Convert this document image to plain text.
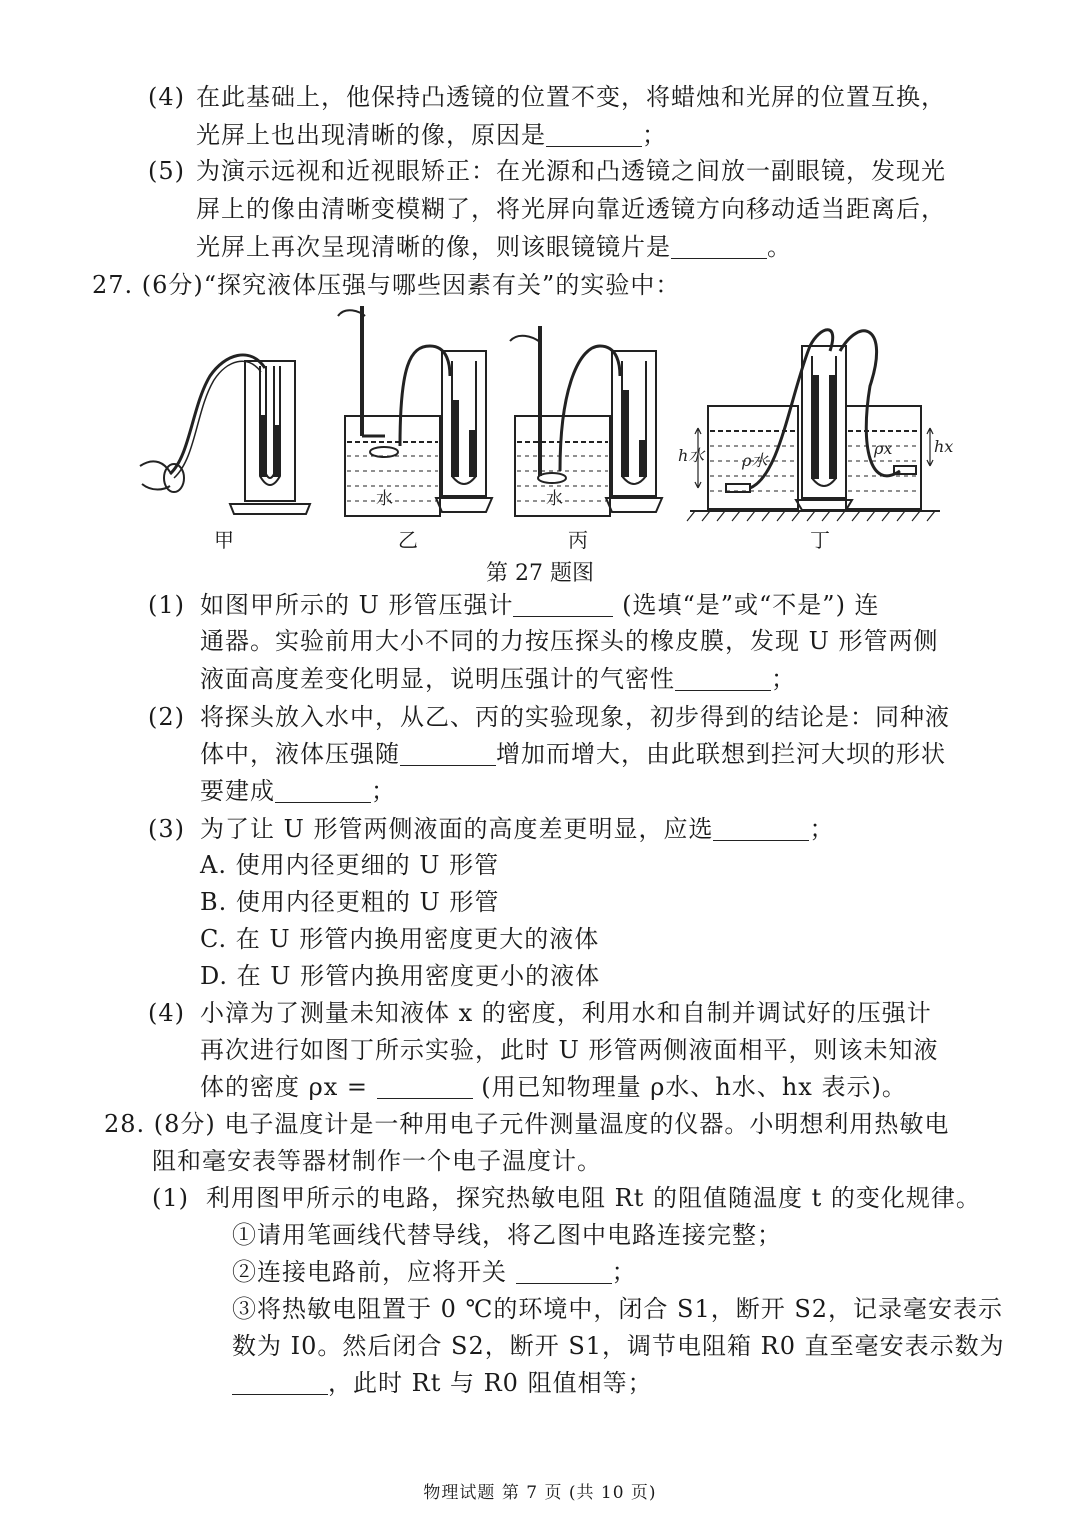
(4) 在此基础上，他保持凸透镜的位置不变，将蜡烛和光屏的位置互换，
光屏上也出现清晰的像，原因是	；
(5) 为演示远视和近视眼矫正：在光源和凸透镜之间放一副眼镜，发现光
屏上的像由清晰变模糊了，将光屏向靠近透镜方向移动适当距离后，
光屏上再次呈现清晰的像，则该眼镜镜片是	。
27. (6分)“探究液体压强与哪些因素有关”的实验中：
水	水
h水 ρ水
ρx	hx
甲	乙	丙	丁
第 27 题图
(1) 如图甲所示的 U 形管压强计	(选填“是”或“不是”) 连
通器。实验前用大小不同的力按压探头的橡皮膜，发现 U 形管两侧
液面高度差变化明显，说明压强计的气密性	；
(2) 将探头放入水中，从乙、丙的实验现象，初步得到的结论是：同种液
体中，液体压强随	增加而增大，由此联想到拦河大坝的形状
要建成	；
(3) 为了让 U 形管两侧液面的高度差更明显，应选	；
A. 使用内径更细的 U 形管
B. 使用内径更粗的 U 形管
C. 在 U 形管内换用密度更大的液体
D. 在 U 形管内换用密度更小的液体
(4) 小漳为了测量未知液体 x 的密度，利用水和自制并调试好的压强计
再次进行如图丁所示实验，此时 U 形管两侧液面相平，则该未知液
体的密度 ρx =	(用已知物理量 ρ水、h水、hx 表示)。
28. (8分) 电子温度计是一种用电子元件测量温度的仪器。小明想利用热敏电
阻和毫安表等器材制作一个电子温度计。
(1) 利用图甲所示的电路，探究热敏电阻 Rt 的阻值随温度 t 的变化规律。
①请用笔画线代替导线，将乙图中电路连接完整；
②连接电路前，应将开关	；
③将热敏电阻置于 0 ℃的环境中，闭合 S1，断开 S2，记录毫安表示
数为 I0。然后闭合 S2，断开 S1，调节电阻箱 R0 直至毫安表示数为
，此时 Rt 与 R0 阻值相等；
物理试题 第 7 页 (共 10 页)
